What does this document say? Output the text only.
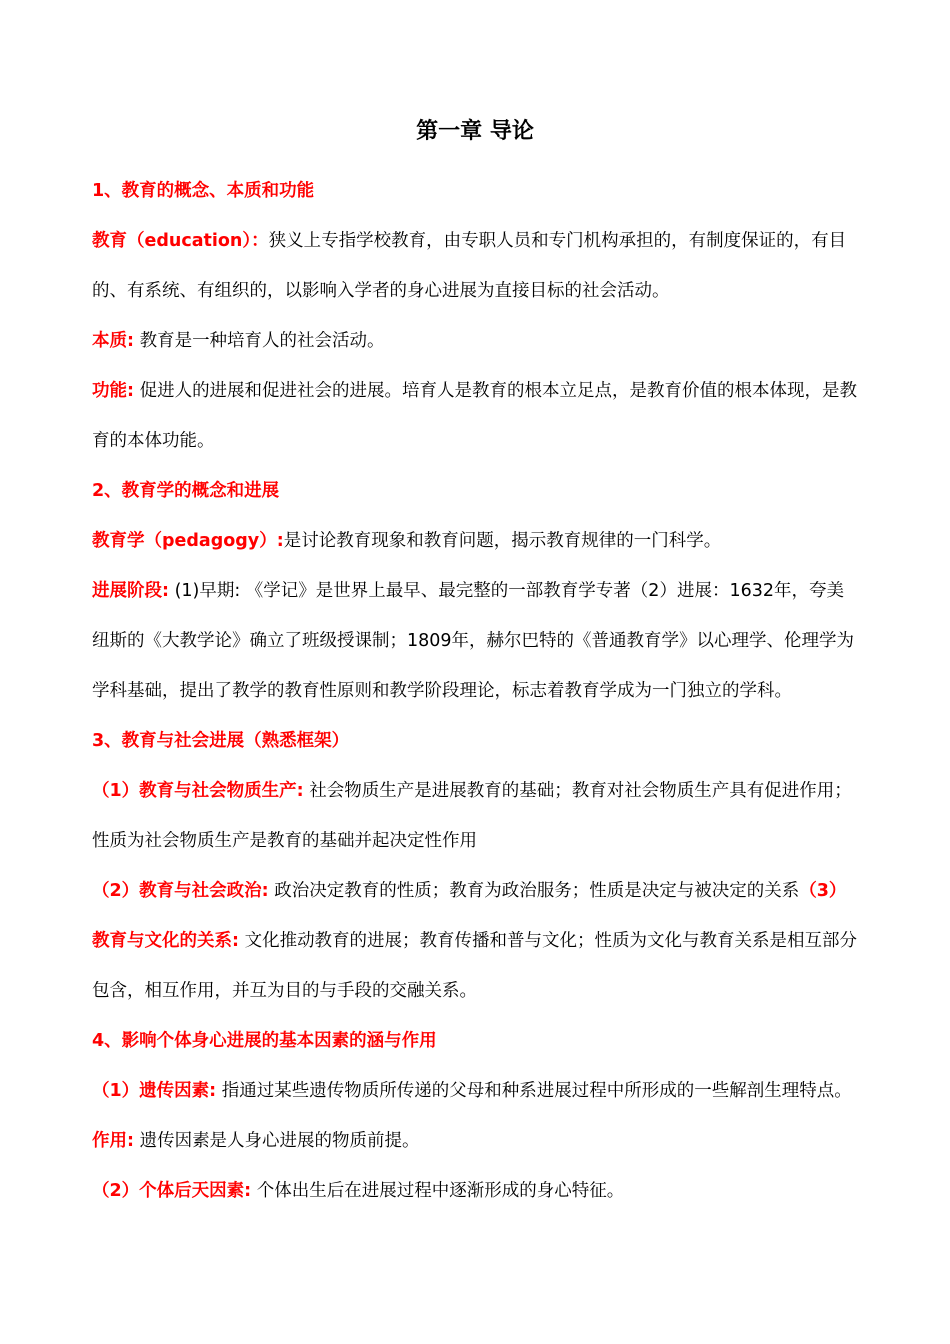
第一章 导论

1、教育的概念、本质和功能

教育（education）：狭义上专指学校教育，由专职人员和专门机构承担的，有制度保证的，有目的、有系统、有组织的，以影响入学者的身心进展为直接目标的社会活动。

本质: 教育是一种培育人的社会活动。

功能: 促进人的进展和促进社会的进展。培育人是教育的根本立足点，是教育价值的根本体现，是教育的本体功能。

2、教育学的概念和进展

教育学（pedagogy）:是讨论教育现象和教育问题，揭示教育规律的一门科学。

进展阶段: (1)早期: 《学记》是世界上最早、最完整的一部教育学专著（2）进展：1632年，夸美纽斯的《大教学论》确立了班级授课制；1809年，赫尔巴特的《普通教育学》以心理学、伦理学为学科基础，提出了教学的教育性原则和教学阶段理论，标志着教育学成为一门独立的学科。

3、教育与社会进展（熟悉框架）

（1）教育与社会物质生产: 社会物质生产是进展教育的基础；教育对社会物质生产具有促进作用；性质为社会物质生产是教育的基础并起决定性作用

（2）教育与社会政治: 政治决定教育的性质；教育为政治服务；性质是决定与被决定的关系（3）教育与文化的关系: 文化推动教育的进展；教育传播和普与文化；性质为文化与教育关系是相互部分包含，相互作用，并互为目的与手段的交融关系。

4、影响个体身心进展的基本因素的涵与作用

（1）遗传因素: 指通过某些遗传物质所传递的父母和种系进展过程中所形成的一些解剖生理特点。作用: 遗传因素是人身心进展的物质前提。

（2）个体后天因素: 个体出生后在进展过程中逐渐形成的身心特征。
